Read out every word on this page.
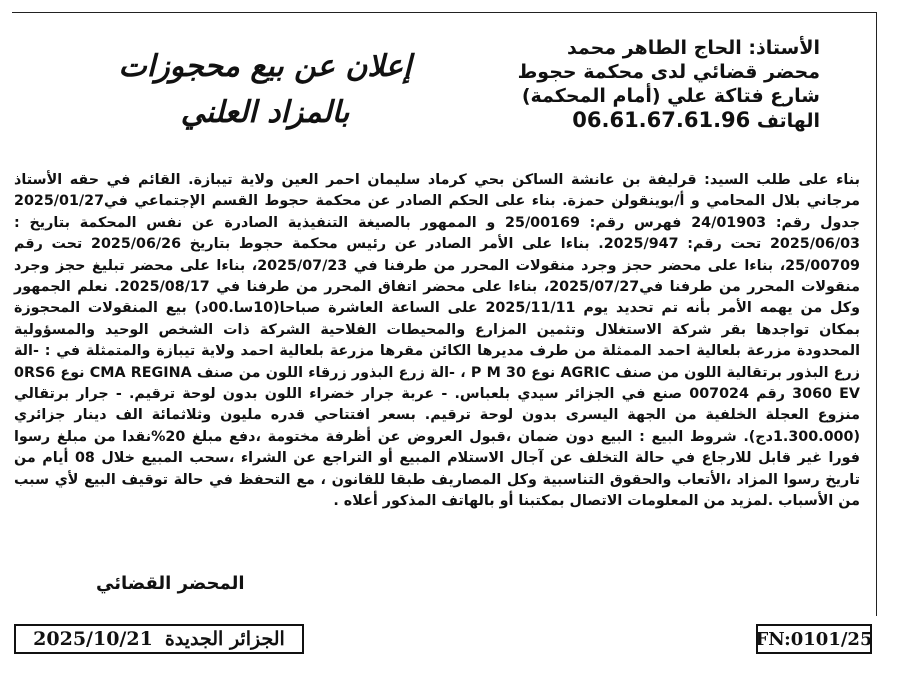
الأستاذ: الحاج الطاهر محمد
محضر قضائي لدى محكمة حجوط
شارع فتاكة علي (أمام المحكمة)
الهاتف 06.61.67.61.96
إعلان عن بيع محجوزات
بالمزاد العلني
بناء على طلب السيد: قرليفة بن عانشة الساكن بحي كرماد سليمان احمر العين ولاية تيبازة. القائم في حقه الأستاذ مرجاني بلال المحامي و أ/بوينقولن حمزة. بناء على الحكم الصادر عن محكمة حجوط القسم الإجتماعي في2025/01/27 جدول رقم: 24/01903 فهرس رقم: 25/00169 و الممهور بالصيغة التنفيذية الصادرة عن نفس المحكمة بتاريخ : 2025/06/03 تحت رقم: 2025/947. بناءا على الأمر الصادر عن رئيس محكمة حجوط بتاريخ 2025/06/26 تحت رقم 25/00709، بناءا على محضر حجز وجرد منقولات المحرر من طرفنا في 2025/07/23، بناءا على محضر تبليغ حجز وجرد منقولات المحرر من طرفنا في2025/07/27، بناءا على محضر اتفاق المحرر من طرفنا في 2025/08/17. نعلم الجمهور وكل من يهمه الأمر بأنه تم تحديد يوم 2025/11/11 على الساعة العاشرة صباحا(10سا.00د) بيع المنقولات المحجوزة بمكان تواجدها بقر شركة الاستغلال وتثمين المزارع والمحيطات الفلاحية الشركة ذات الشخص الوحيد والمسؤولية المحدودة مزرعة بلعالية احمد الممثلة من طرف مديرها الكائن مقرها مزرعة بلعالية احمد ولاية تيبازة والمتمثلة في : -الة زرع البذور برتقالية اللون من صنف AGRIC نوع P M 30 ، -الة زرع البذور زرقاء اللون من صنف CMA REGINA نوع 0RS6 3060 EV رقم 007024 صنع في الجزائر سيدي بلعباس. - عربة جرار خضراء اللون بدون لوحة ترقيم. - جرار برتقالي منزوع العجلة الخلفية من الجهة اليسرى بدون لوحة ترقيم. بسعر افتتاحي قدره مليون وثلاثمائة الف دينار جزائري (1.300.000دج). شروط البيع : البيع دون ضمان ،قبول العروض عن أظرفة مختومة ،دفع مبلغ 20%نقدا من مبلغ رسوا فورا غير قابل للارجاع في حالة التخلف عن آجال الاستلام المبيع أو التراجع عن الشراء ،سحب المبيع خلال 08 أيام من تاريخ رسوا المزاد ،الأتعاب والحقوق التناسبية وكل المصاريف طبقا للقانون ، مع التحفظ في حالة توقيف البيع لأي سبب من الأسباب .لمزيد من المعلومات الاتصال بمكتبنا أو بالهاتف المذكور أعلاه .
المحضر القضائي
الجزائر الجديدة
2025/10/21	FN:0101/25
